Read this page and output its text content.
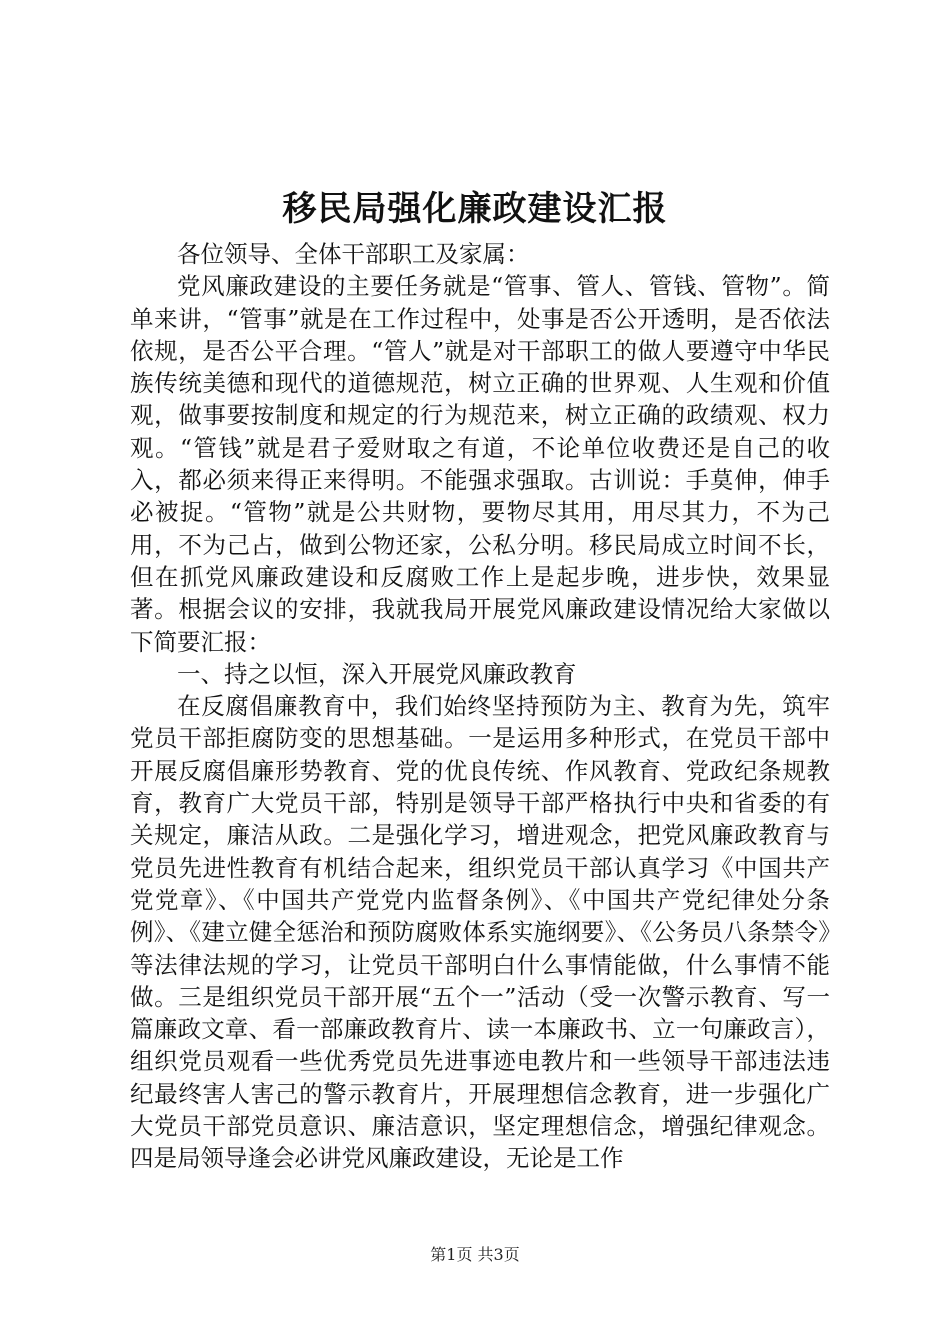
移民局强化廉政建设汇报

各位领导、全体干部职工及家属：

党风廉政建设的主要任务就是“管事、管人、管钱、管物”。简单来讲，“管事”就是在工作过程中，处事是否公开透明，是否依法依规，是否公平合理。“管人”就是对干部职工的做人要遵守中华民族传统美德和现代的道德规范，树立正确的世界观、人生观和价值观，做事要按制度和规定的行为规范来，树立正确的政绩观、权力观。“管钱”就是君子爱财取之有道，不论单位收费还是自己的收入，都必须来得正来得明。不能强求强取。古训说：手莫伸，伸手必被捉。“管物”就是公共财物，要物尽其用，用尽其力，不为己用，不为己占，做到公物还家，公私分明。移民局成立时间不长，但在抓党风廉政建设和反腐败工作上是起步晚，进步快，效果显著。根据会议的安排，我就我局开展党风廉政建设情况给大家做以下简要汇报：

一、持之以恒，深入开展党风廉政教育

在反腐倡廉教育中，我们始终坚持预防为主、教育为先，筑牢党员干部拒腐防变的思想基础。一是运用多种形式，在党员干部中开展反腐倡廉形势教育、党的优良传统、作风教育、党政纪条规教育，教育广大党员干部，特别是领导干部严格执行中央和省委的有关规定，廉洁从政。二是强化学习，增进观念，把党风廉政教育与党员先进性教育有机结合起来，组织党员干部认真学习《中国共产党党章》、《中国共产党党内监督条例》、《中国共产党纪律处分条例》、《建立健全惩治和预防腐败体系实施纲要》、《公务员八条禁令》等法律法规的学习，让党员干部明白什么事情能做，什么事情不能做。三是组织党员干部开展“五个一”活动（受一次警示教育、写一篇廉政文章、看一部廉政教育片、读一本廉政书、立一句廉政言），组织党员观看一些优秀党员先进事迹电教片和一些领导干部违法违纪最终害人害己的警示教育片，开展理想信念教育，进一步强化广大党员干部党员意识、廉洁意识，坚定理想信念，增强纪律观念。四是局领导逢会必讲党风廉政建设，无论是工作

第1页 共3页
